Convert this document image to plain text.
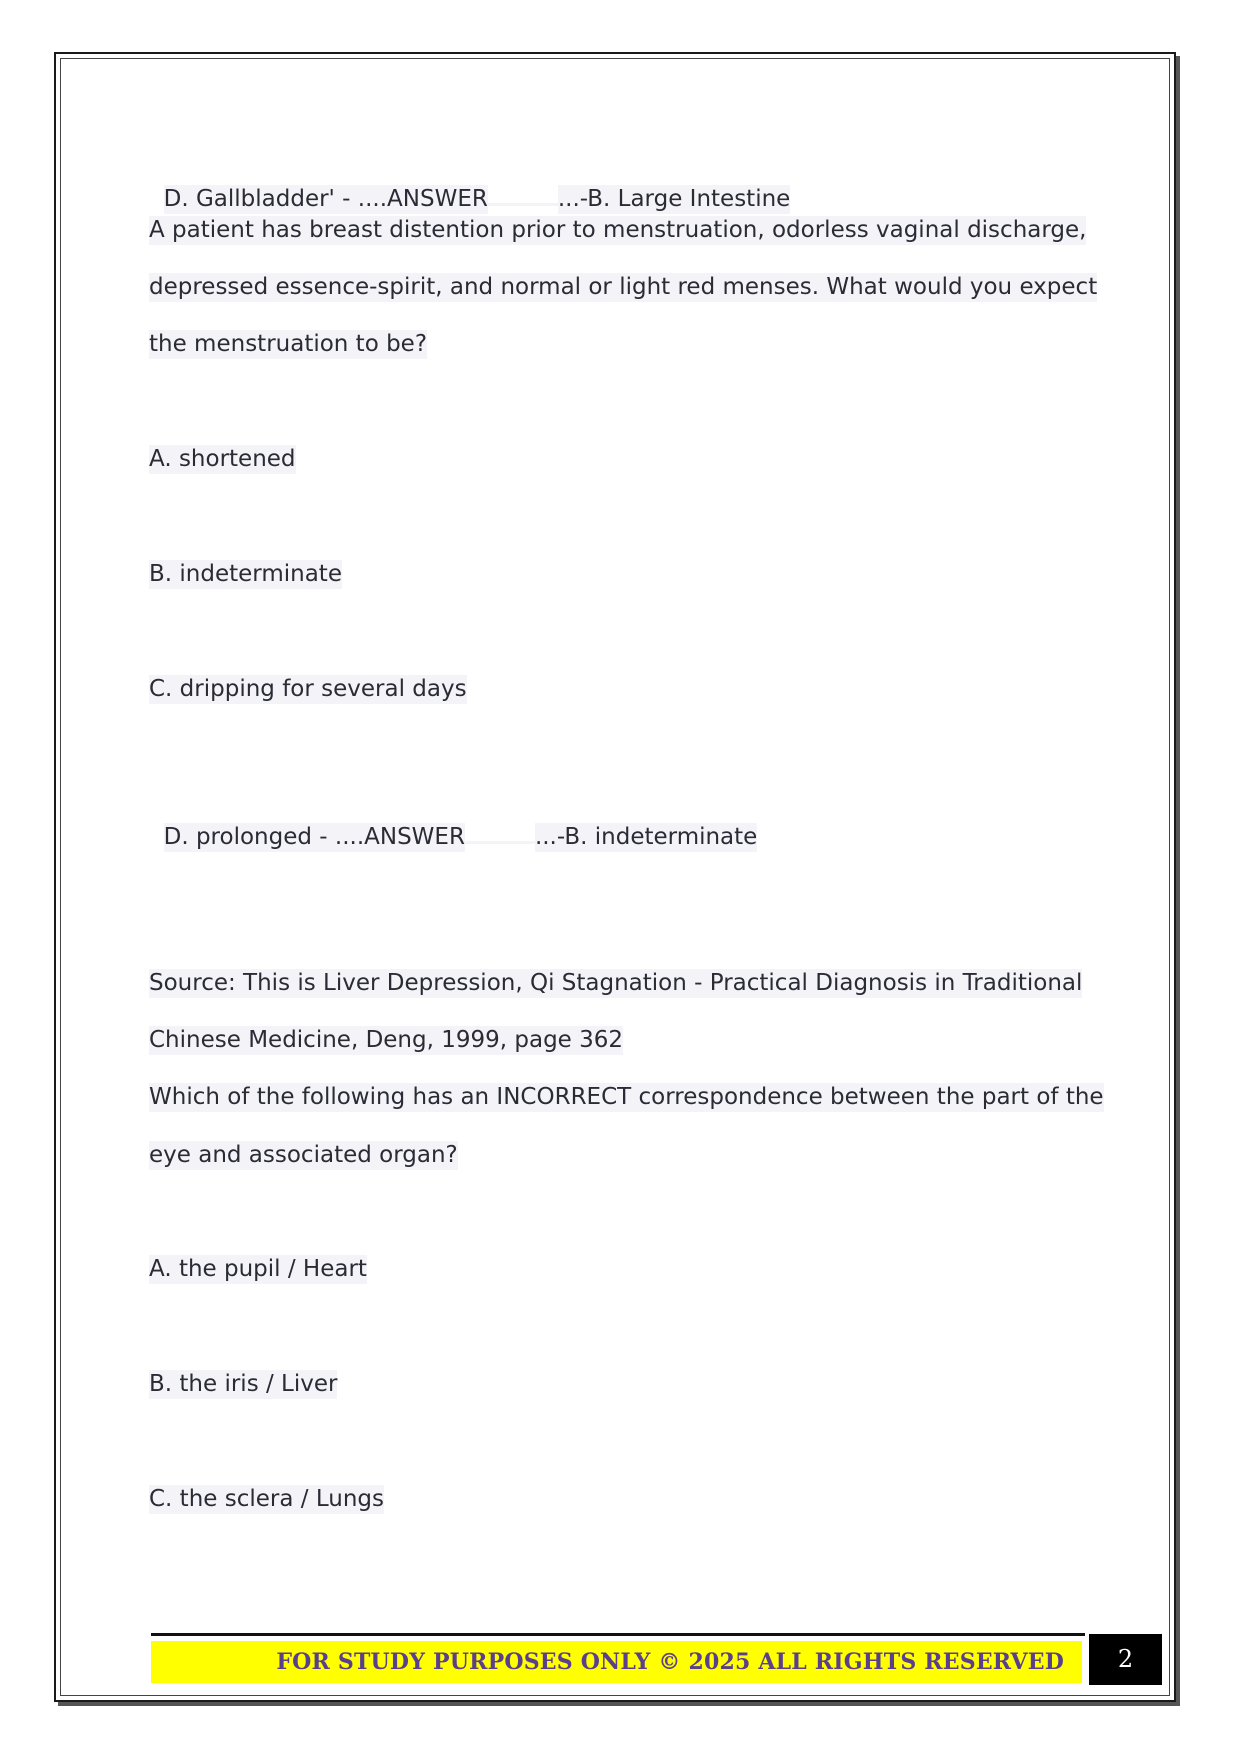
D. Gallbladder' - ....ANSWER	...-B. Large Intestine

A patient has breast distention prior to menstruation, odorless vaginal discharge,
depressed essence-spirit, and normal or light red menses. What would you expect
the menstruation to be?
A. shortened
B. indeterminate
C. dripping for several days

D. prolonged - ....ANSWER	...-B. indeterminate

Source: This is Liver Depression, Qi Stagnation - Practical Diagnosis in Traditional
Chinese Medicine, Deng, 1999, page 362
Which of the following has an INCORRECT correspondence between the part of the
eye and associated organ?
A. the pupil / Heart
B. the iris / Liver
C. the sclera / Lungs
FOR STUDY PURPOSES ONLY © 2025 ALL RIGHTS RESERVED	2
